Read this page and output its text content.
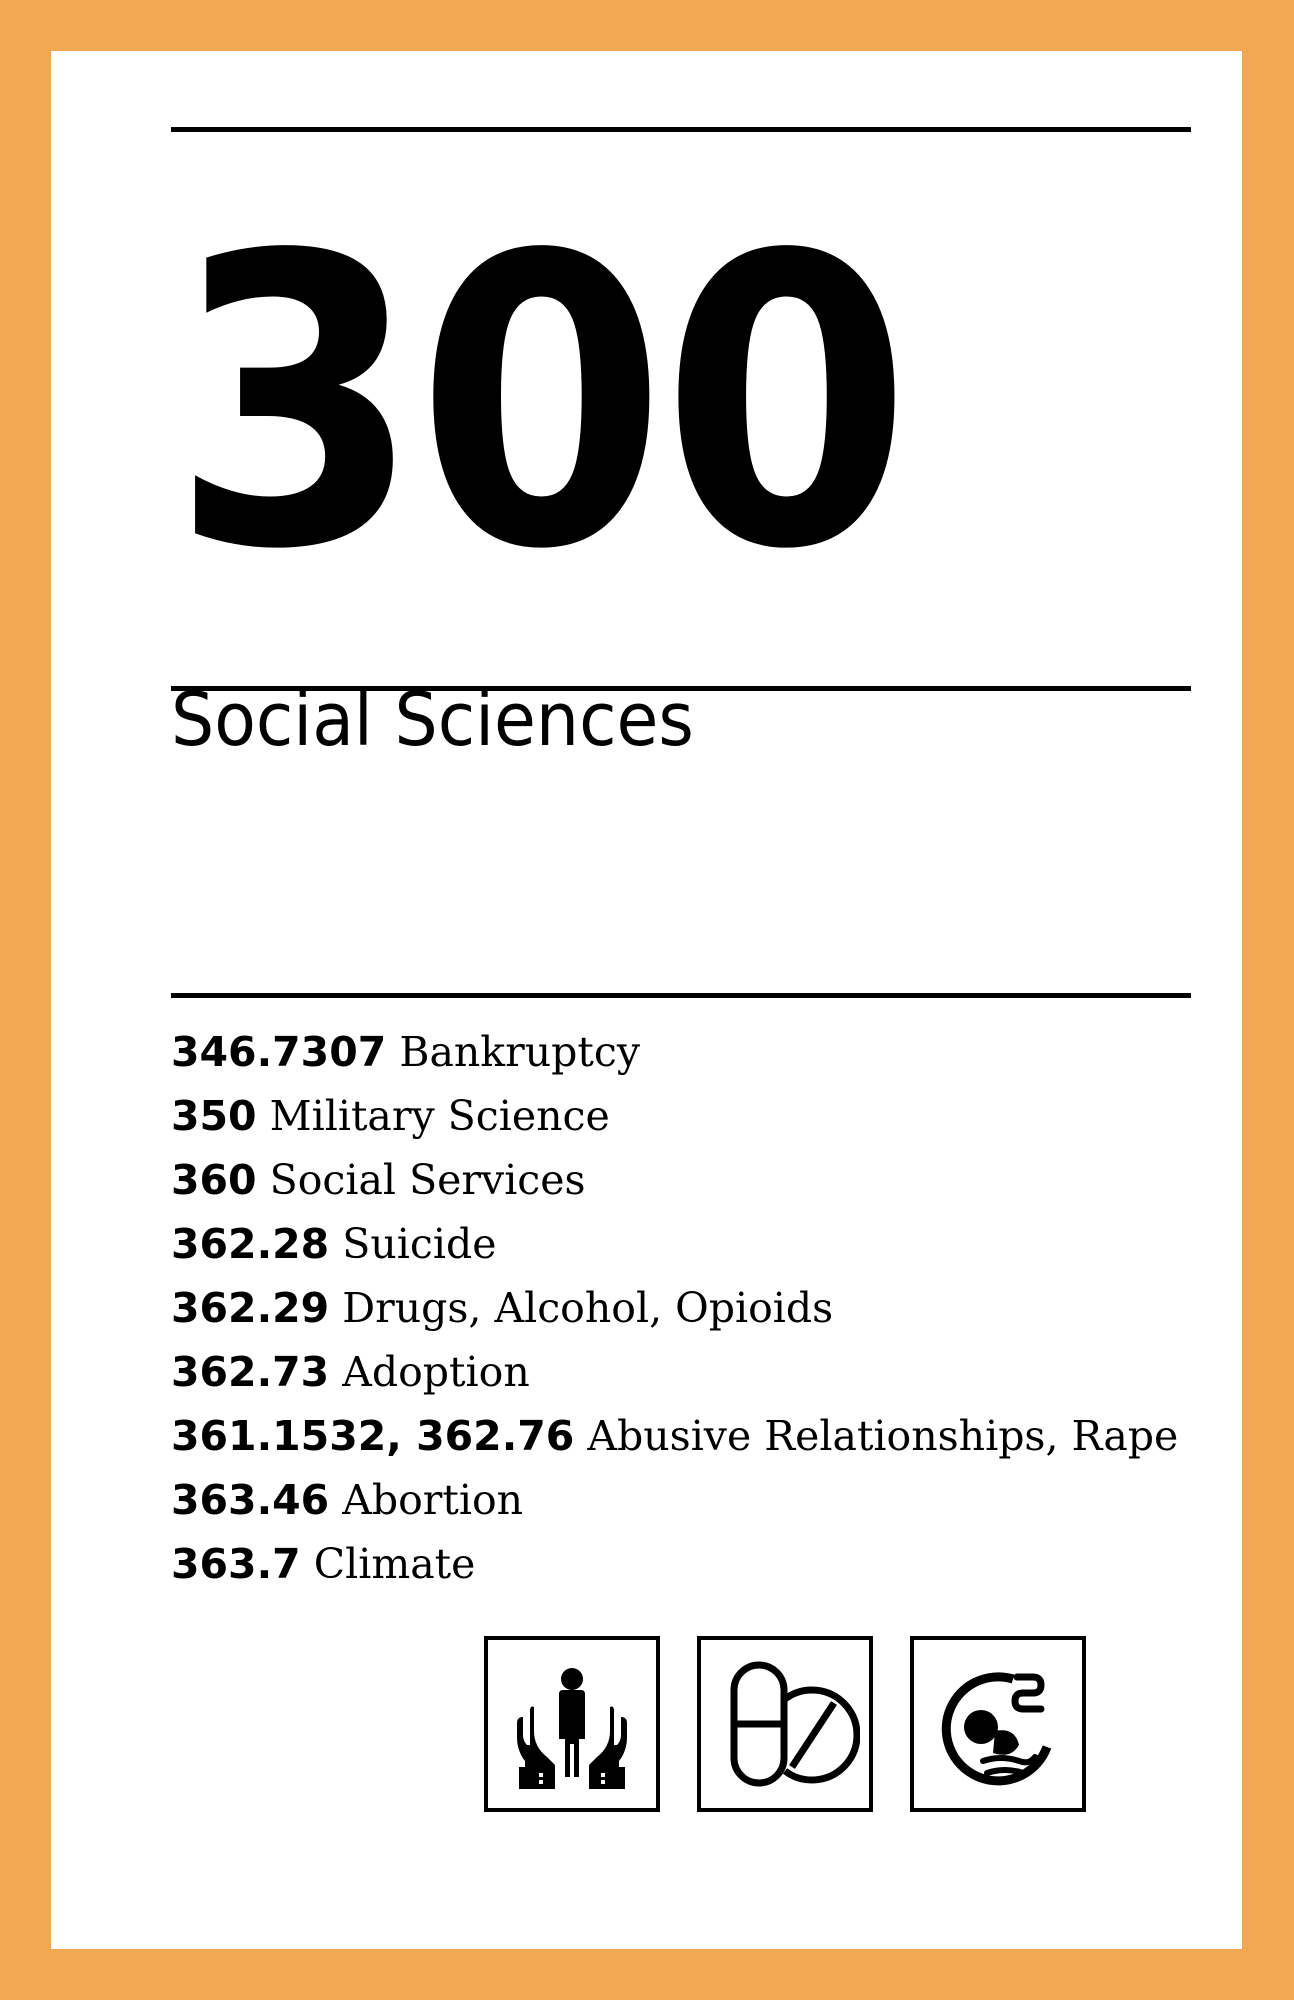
300
Social Sciences
346.7307 Bankruptcy
350 Military Science
360 Social Services
362.28 Suicide
362.29 Drugs, Alcohol, Opioids
362.73 Adoption
361.1532, 362.76 Abusive Relationships, Rape
363.46 Abortion
363.7 Climate
